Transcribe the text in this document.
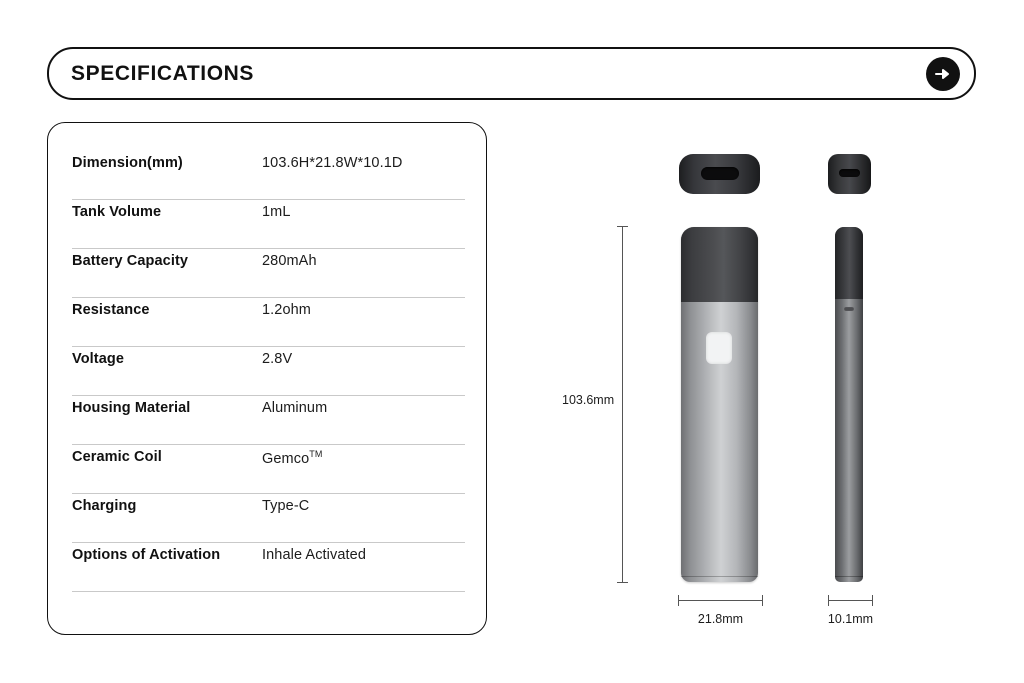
SPECIFICATIONS
Dimension(mm)	103.6H*21.8W*10.1D
Tank Volume	1mL
Battery Capacity	280mAh
Resistance	1.2ohm
Voltage	2.8V
Housing Material	Aluminum
Ceramic Coil	Gemco™
Charging	Type-C
Options of Activation	Inhale Activated
103.6mm
21.8mm	10.1mm
